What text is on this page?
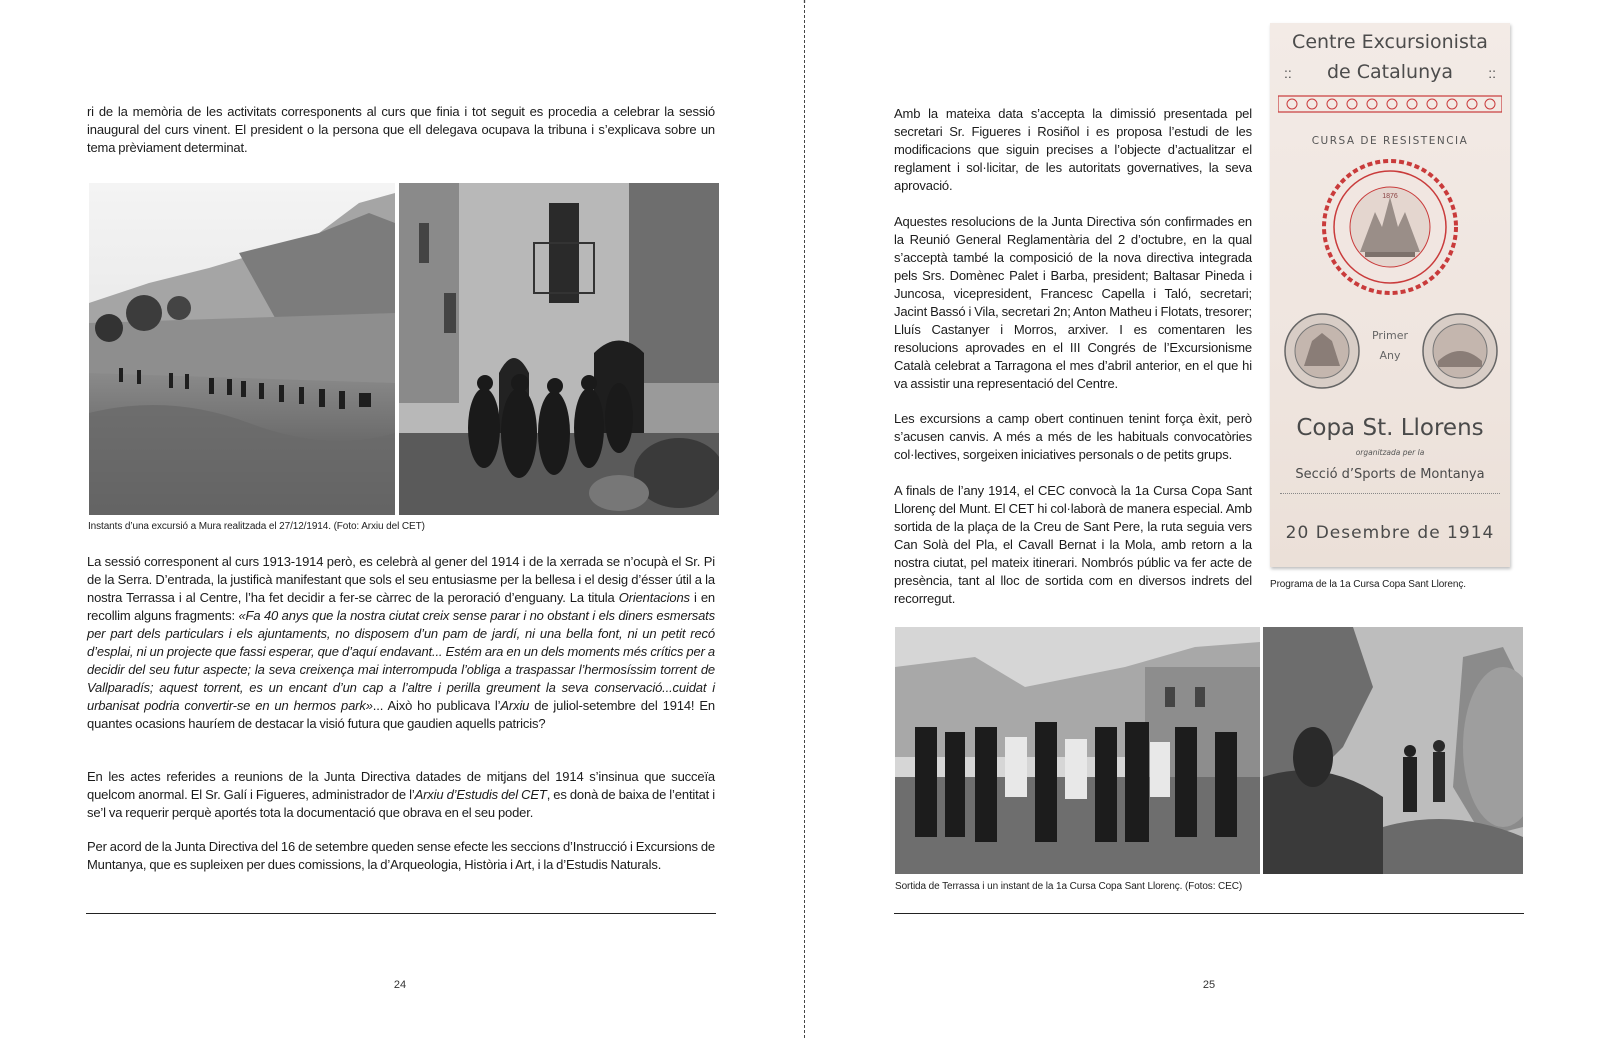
ri de la memòria de les activitats corresponents al curs que finia i tot seguit es procedia a celebrar la sessió inaugural del curs vinent. El president o la persona que ell delegava ocupava la tribuna i s’explicava sobre un tema prèviament determinat.

Instants d’una excursió a Mura realitzada el 27/12/1914. (Foto: Arxiu del CET)

La sessió corresponent al curs 1913-1914 però, es celebrà al gener del 1914 i de la xerrada se n’ocupà el Sr. Pi de la Serra. D’entrada, la justificà manifestant que sols el seu entusiasme per la bellesa i el desig d’ésser útil a la nostra Terrassa i al Centre, l’ha fet decidir a fer-se càrrec de la peroració d’enguany. La titula Orientacions i en recollim alguns fragments: «Fa 40 anys que la nostra ciutat creix sense parar i no obstant i els diners esmersats per part dels particulars i els ajuntaments, no disposem d’un pam de jardí, ni una bella font, ni un petit recó d’esplai, ni un projecte que fassi esperar, que d’aquí endavant... Estém ara en un dels moments més crítics per a decidir del seu futur aspecte; la seva creixença mai interrompuda l’obliga a traspassar l’hermosíssim torrent de Vallparadís; aquest torrent, es un encant d’un cap a l’altre i perilla greument la seva conservació...cuidat i urbanisat podria convertir-se en un hermos park»... Això ho publicava l’Arxiu de juliol-setembre del 1914! En quantes ocasions hauríem de destacar la visió futura que gaudien aquells patricis?

En les actes referides a reunions de la Junta Directiva datades de mitjans del 1914 s’insinua que succeïa quelcom anormal. El Sr. Galí i Figueres, administrador de l’Arxiu d’Estudis del CET, es donà de baixa de l’entitat i se’l va requerir perquè aportés tota la documentació que obrava en el seu poder.

Per acord de la Junta Directiva del 16 de setembre queden sense efecte les seccions d’Instrucció i Excursions de Muntanya, que es supleixen per dues comissions, la d’Arqueologia, Història i Art, i la d’Estudis Naturals.

24

Amb la mateixa data s’accepta la dimissió presentada pel secretari Sr. Figueres i Rosiñol i es proposa l’estudi de les modificacions que siguin precises a l’objecte d’actualitzar el reglament i sol·licitar, de les autoritats governatives, la seva aprovació.

Aquestes resolucions de la Junta Directiva són confirmades en la Reunió General Reglamentària del 2 d’octubre, en la qual s’acceptà també la composició de la nova directiva integrada pels Srs. Domènec Palet i Barba, president; Baltasar Pineda i Juncosa, vicepresident, Francesc Capella i Taló, secretari; Jacint Bassó i Vila, secretari 2n; Anton Matheu i Flotats, tresorer; Lluís Castanyer i Morros, arxiver. I es comentaren les resolucions aprovades en el III Congrés de l’Excursionisme Català celebrat a Tarragona el mes d’abril anterior, en el que hi va assistir una representació del Centre.

Les excursions a camp obert continuen tenint força èxit, però s’acusen canvis. A més a més de les habituals convocatòries col·lectives, sorgeixen iniciatives personals o de petits grups.

A finals de l’any 1914, el CEC convocà la 1a Cursa Copa Sant Llorenç del Munt. El CET hi col·laborà de manera especial. Amb sortida de la plaça de la Creu de Sant Pere, la ruta seguia vers Can Solà del Pla, el Cavall Bernat i la Mola, amb retorn a la nostra ciutat, pel mateix itinerari. Nombrós públic va fer acte de presència, tant al lloc de sortida com en diversos indrets del recorregut.

Programa de la 1a Cursa Copa Sant Llorenç.
Sortida de Terrassa i un instant de la 1a Cursa Copa Sant Llorenç. (Fotos: CEC)
25
Centre Excursionista
de Catalunya
::	::
CURSA DE RESISTENCIA
1876
Primer
Any
Copa St. Llorens
organitzada per la
Secció d’Sports de Montanya
20 Desembre de 1914
